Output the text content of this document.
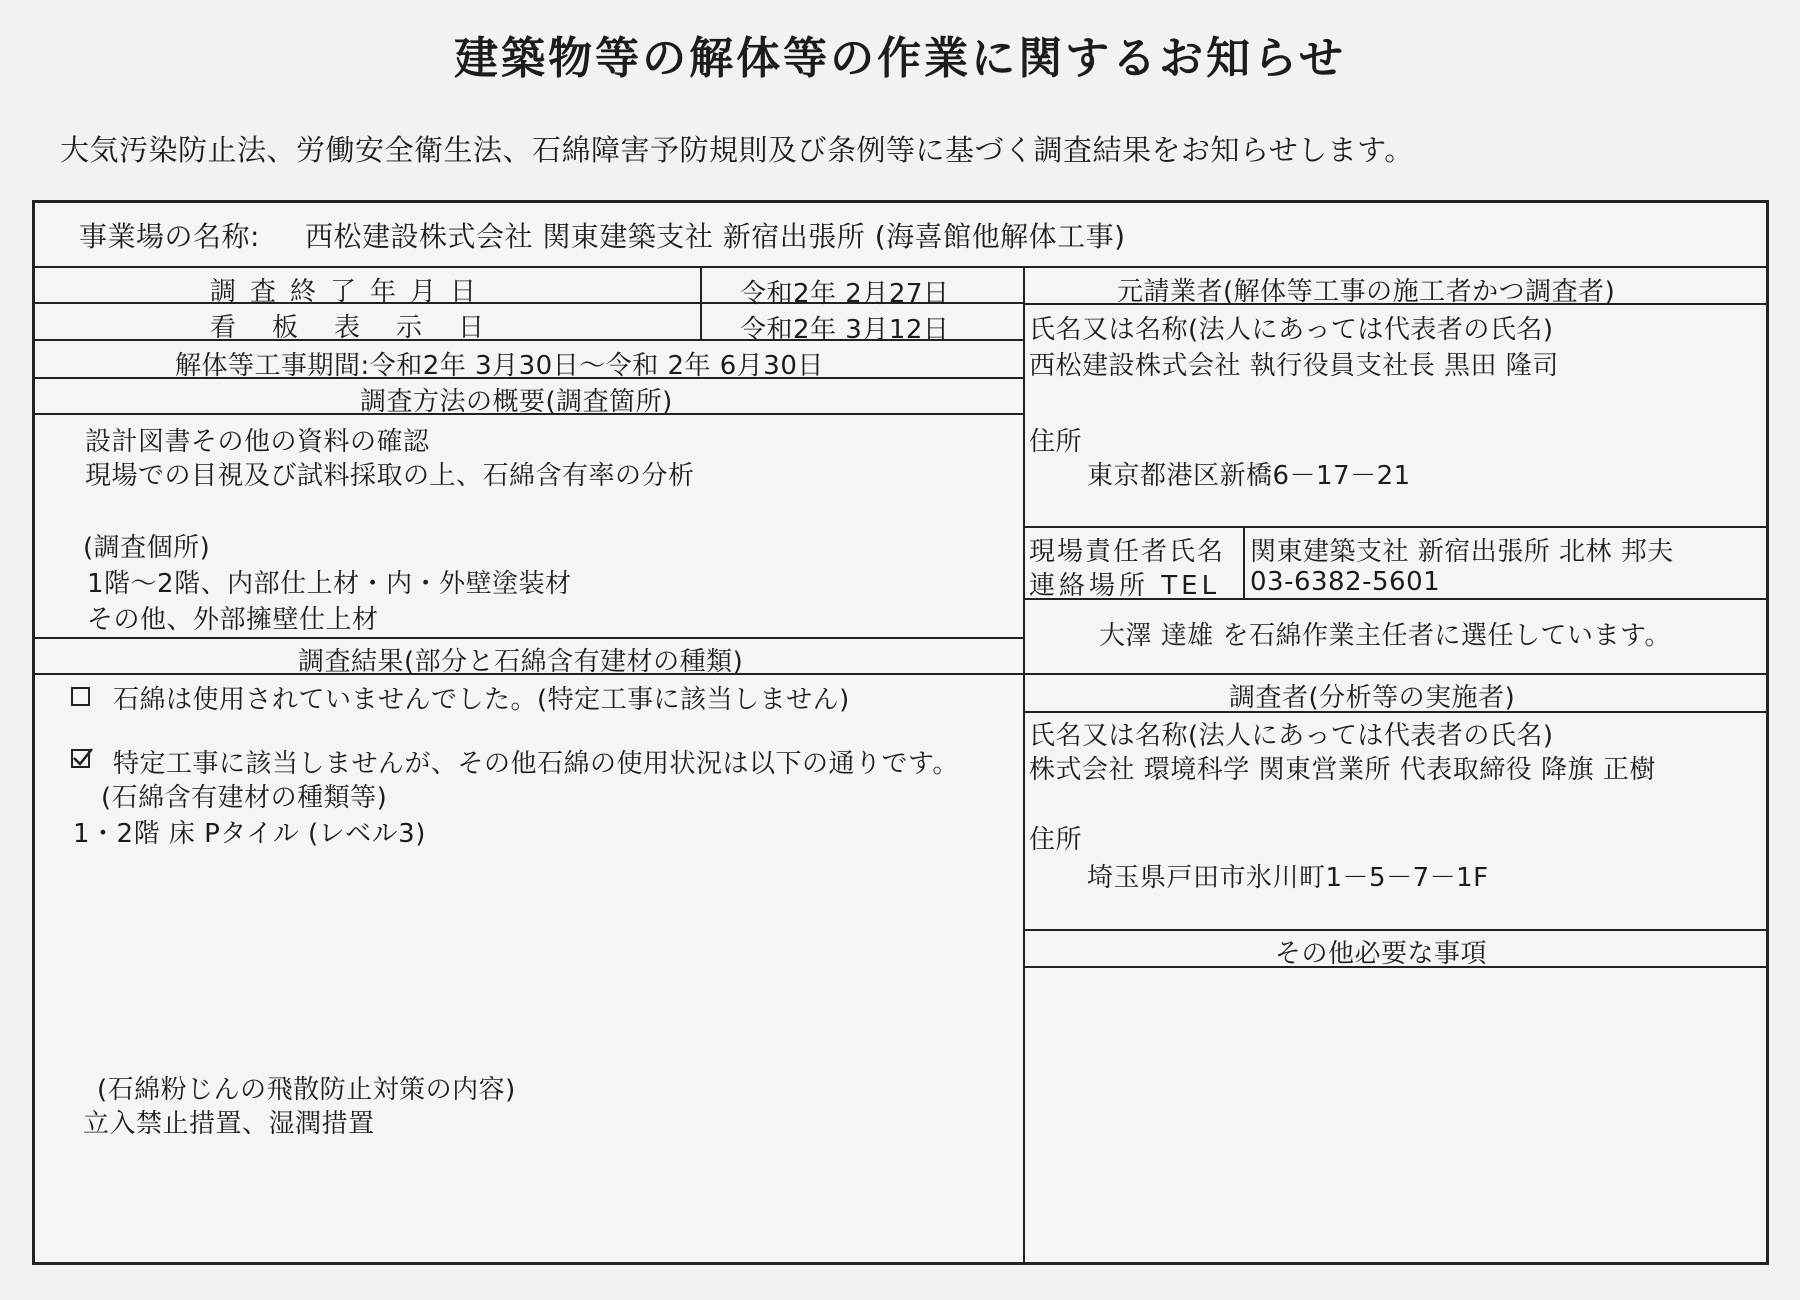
建築物等の解体等の作業に関するお知らせ
大気汚染防止法、労働安全衛生法、石綿障害予防規則及び条例等に基づく調査結果をお知らせします。
事業場の名称: 西松建設株式会社 関東建築支社 新宿出張所 (海喜館他解体工事)
調査終了年月日	令和2年 2月27日
看板表示日	令和2年 3月12日
解体等工事期間:令和2年 3月30日〜令和 2年 6月30日
調査方法の概要(調査箇所)
設計図書その他の資料の確認
現場での目視及び試料採取の上、石綿含有率の分析
(調査個所)
1階〜2階、内部仕上材・内・外壁塗装材
その他、外部擁壁仕上材
調査結果(部分と石綿含有建材の種類)
石綿は使用されていませんでした。(特定工事に該当しません)
特定工事に該当しませんが、その他石綿の使用状況は以下の通りです。
(石綿含有建材の種類等)
1・2階 床 Pタイル (レベル3)
(石綿粉じんの飛散防止対策の内容)
立入禁止措置、湿潤措置
元請業者(解体等工事の施工者かつ調査者)
氏名又は名称(法人にあっては代表者の氏名)
西松建設株式会社 執行役員支社長 黒田 隆司
住所
東京都港区新橋6－17－21
現場責任者氏名 関東建築支社 新宿出張所 北林 邦夫
連絡場所 TEL 03-6382-5601
大澤 達雄 を石綿作業主任者に選任しています。
調査者(分析等の実施者)
氏名又は名称(法人にあっては代表者の氏名)
株式会社 環境科学 関東営業所 代表取締役 降旗 正樹
住所
埼玉県戸田市氷川町1－5－7－1F
その他必要な事項
